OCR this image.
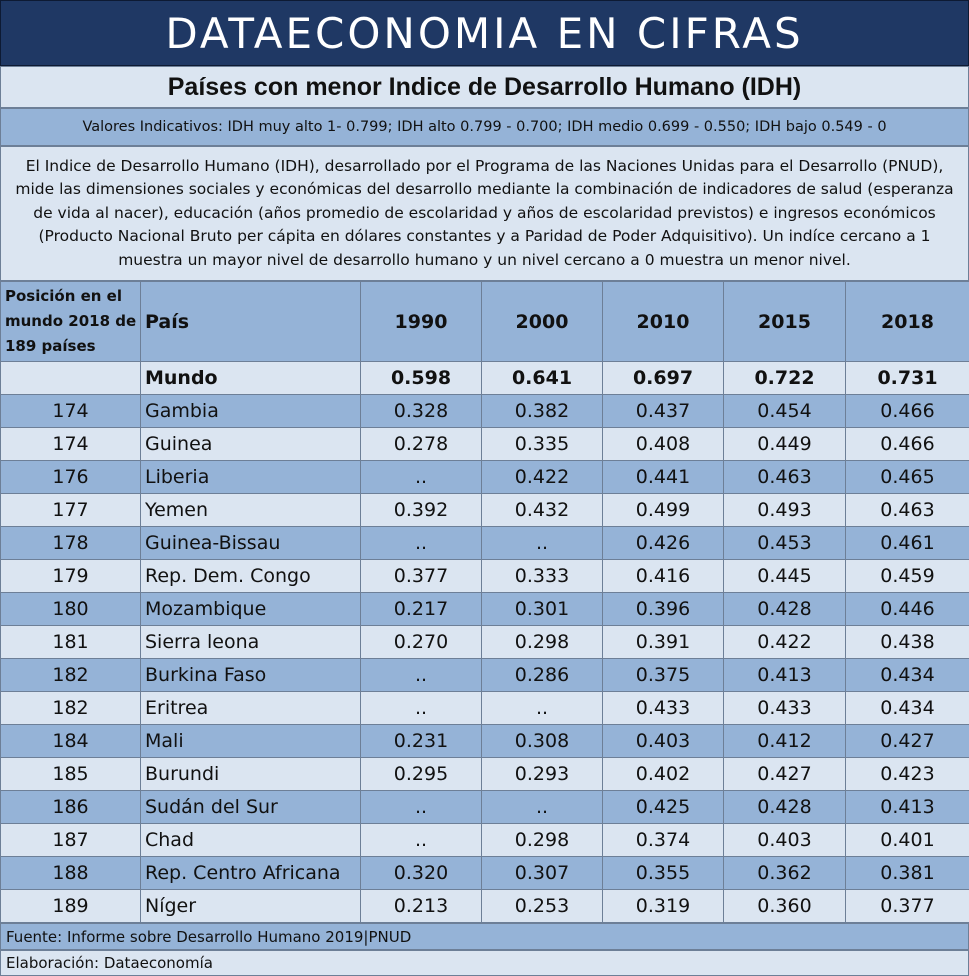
DATAECONOMIA EN CIFRAS
Países con menor Indice de Desarrollo Humano (IDH)
Valores Indicativos: IDH muy alto 1- 0.799; IDH alto 0.799 - 0.700; IDH medio 0.699 - 0.550; IDH bajo 0.549 - 0
El Indice de Desarrollo Humano (IDH), desarrollado por el Programa de las Naciones Unidas para el Desarrollo (PNUD), mide las dimensiones sociales y económicas del desarrollo mediante la combinación de indicadores de salud (esperanza de vida al nacer), educación (años promedio de escolaridad y años de escolaridad previstos) e ingresos económicos (Producto Nacional Bruto per cápita en dólares constantes y a Paridad de Poder Adquisitivo). Un indíce cercano a 1 muestra un mayor nivel de desarrollo humano y un nivel cercano a 0 muestra un menor nivel.
Posición en el mundo 2018 de 189 países	País	1990	2000	2010	2015	2018
	Mundo	0.598	0.641	0.697	0.722	0.731
174	Gambia	0.328	0.382	0.437	0.454	0.466
174	Guinea	0.278	0.335	0.408	0.449	0.466
176	Liberia	..	0.422	0.441	0.463	0.465
177	Yemen	0.392	0.432	0.499	0.493	0.463
178	Guinea-Bissau	..	..	0.426	0.453	0.461
179	Rep. Dem. Congo	0.377	0.333	0.416	0.445	0.459
180	Mozambique	0.217	0.301	0.396	0.428	0.446
181	Sierra leona	0.270	0.298	0.391	0.422	0.438
182	Burkina Faso	..	0.286	0.375	0.413	0.434
182	Eritrea	..	..	0.433	0.433	0.434
184	Mali	0.231	0.308	0.403	0.412	0.427
185	Burundi	0.295	0.293	0.402	0.427	0.423
186	Sudán del Sur	..	..	0.425	0.428	0.413
187	Chad	..	0.298	0.374	0.403	0.401
188	Rep. Centro Africana	0.320	0.307	0.355	0.362	0.381
189	Níger	0.213	0.253	0.319	0.360	0.377
Fuente: Informe sobre Desarrollo Humano 2019|PNUD
Elaboración: Dataeconomía
